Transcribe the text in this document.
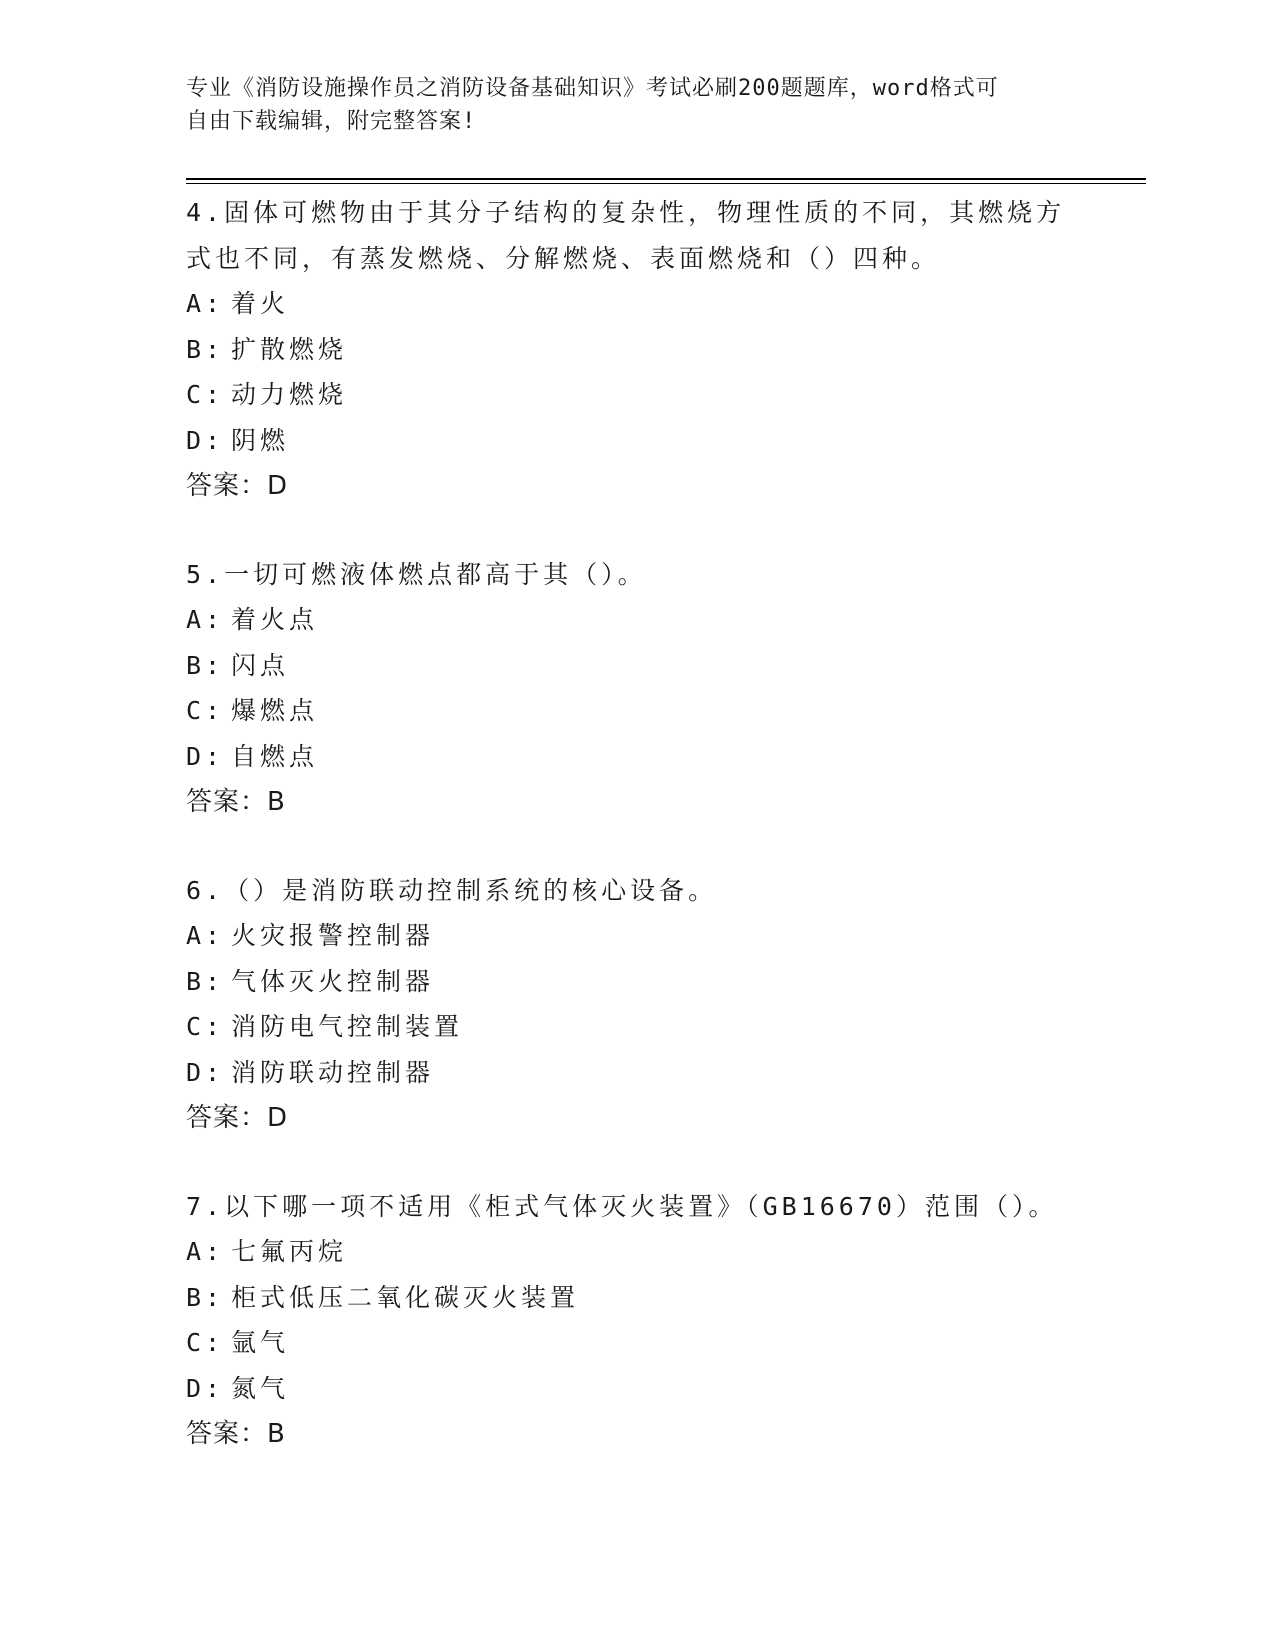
专业《消防设施操作员之消防设备基础知识》考试必刷200题题库，word格式可
自由下载编辑，附完整答案!
4.固体可燃物由于其分子结构的复杂性，物理性质的不同，其燃烧方式也不同，有蒸发燃烧、分解燃烧、表面燃烧和（）四种。
A: 着火
B: 扩散燃烧
C: 动力燃烧
D: 阴燃
答案：D
5.一切可燃液体燃点都高于其（）。
A: 着火点
B: 闪点
C: 爆燃点
D: 自燃点
答案：B
6.（）是消防联动控制系统的核心设备。
A: 火灾报警控制器
B: 气体灭火控制器
C: 消防电气控制装置
D: 消防联动控制器
答案：D
7.以下哪一项不适用《柜式气体灭火装置》（GB16670）范围（）。
A: 七氟丙烷
B: 柜式低压二氧化碳灭火装置
C: 氩气
D: 氮气
答案：B
